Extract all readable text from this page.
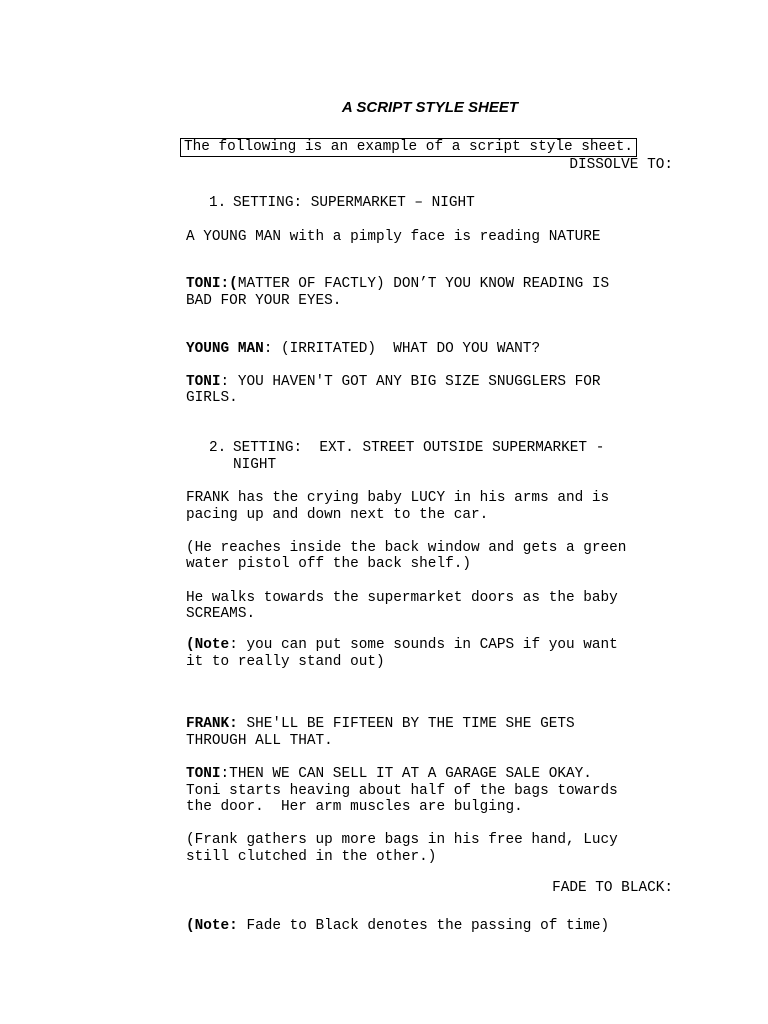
A SCRIPT STYLE SHEET
The following is an example of a script style sheet.
DISSOLVE TO:
1. SETTING: SUPERMARKET – NIGHT
A YOUNG MAN with a pimply face is reading NATURE
TONI:(MATTER OF FACTLY) DON’T YOU KNOW READING IS
BAD FOR YOUR EYES.
YOUNG MAN: (IRRITATED)  WHAT DO YOU WANT?
TONI: YOU HAVEN'T GOT ANY BIG SIZE SNUGGLERS FOR
GIRLS.
2. SETTING:  EXT. STREET OUTSIDE SUPERMARKET -
NIGHT
FRANK has the crying baby LUCY in his arms and is
pacing up and down next to the car.
(He reaches inside the back window and gets a green
water pistol off the back shelf.)
He walks towards the supermarket doors as the baby
SCREAMS.
(Note: you can put some sounds in CAPS if you want
it to really stand out)
FRANK: SHE'LL BE FIFTEEN BY THE TIME SHE GETS
THROUGH ALL THAT.
TONI:THEN WE CAN SELL IT AT A GARAGE SALE OKAY.
Toni starts heaving about half of the bags towards
the door.  Her arm muscles are bulging.
(Frank gathers up more bags in his free hand, Lucy
still clutched in the other.)
FADE TO BLACK:
(Note: Fade to Black denotes the passing of time)
